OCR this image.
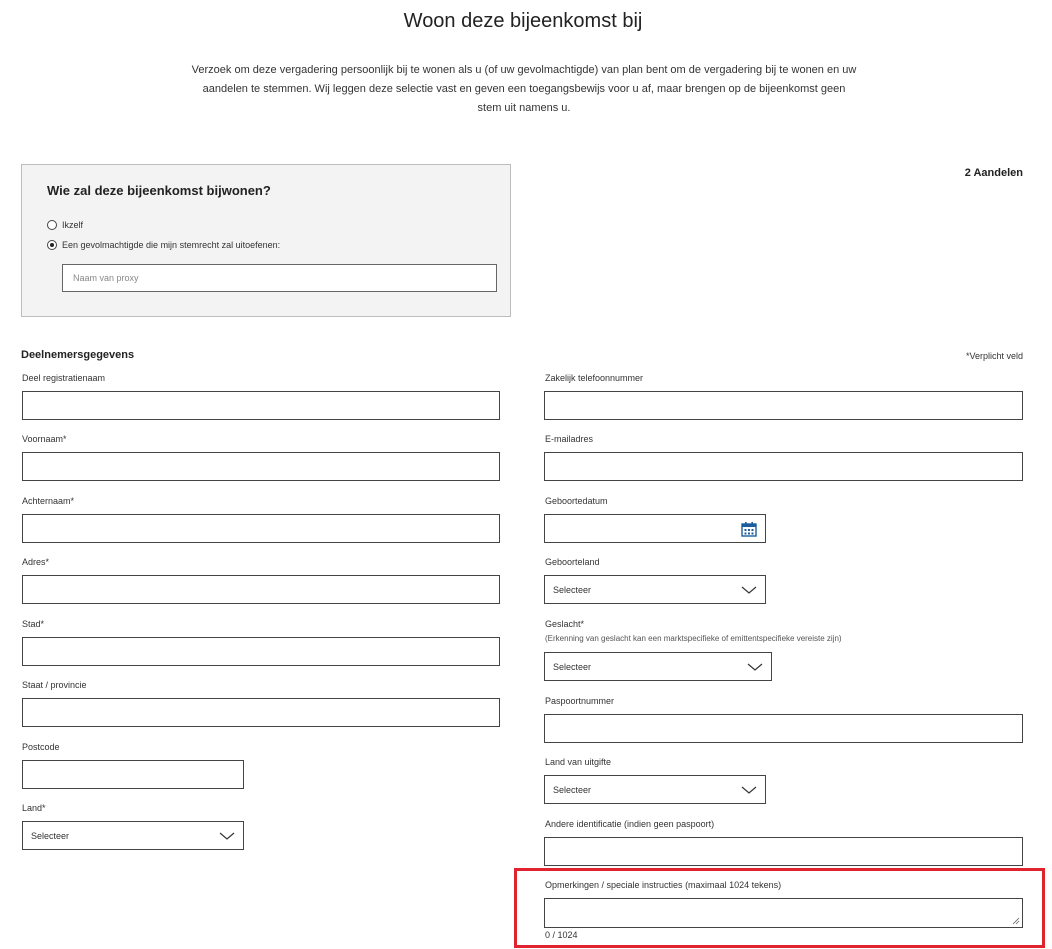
Woon deze bijeenkomst bij
Verzoek om deze vergadering persoonlijk bij te wonen als u (of uw gevolmachtigde) van plan bent om de vergadering bij te wonen en uw aandelen te stemmen. Wij leggen deze selectie vast en geven een toegangsbewijs voor u af, maar brengen op de bijeenkomst geen stem uit namens u.
Wie zal deze bijeenkomst bijwonen?
Ikzelf
Een gevolmachtigde die mijn stemrecht zal uitoefenen:
Naam van proxy
2 Aandelen
Deelnemersgegevens	*Verplicht veld
Deel registratienaam
Voornaam*
Achternaam*
Adres*
Stad*
Staat / provincie
Postcode
Land*
Selecteer
Zakelijk telefoonnummer
E-mailadres
Geboortedatum
Geboorteland
Selecteer
Geslacht*
(Erkenning van geslacht kan een marktspecifieke of emittentspecifieke vereiste zijn)
Selecteer
Paspoortnummer
Land van uitgifte
Selecteer
Andere identificatie (indien geen paspoort)
Opmerkingen / speciale instructies (maximaal 1024 tekens)
0 / 1024
